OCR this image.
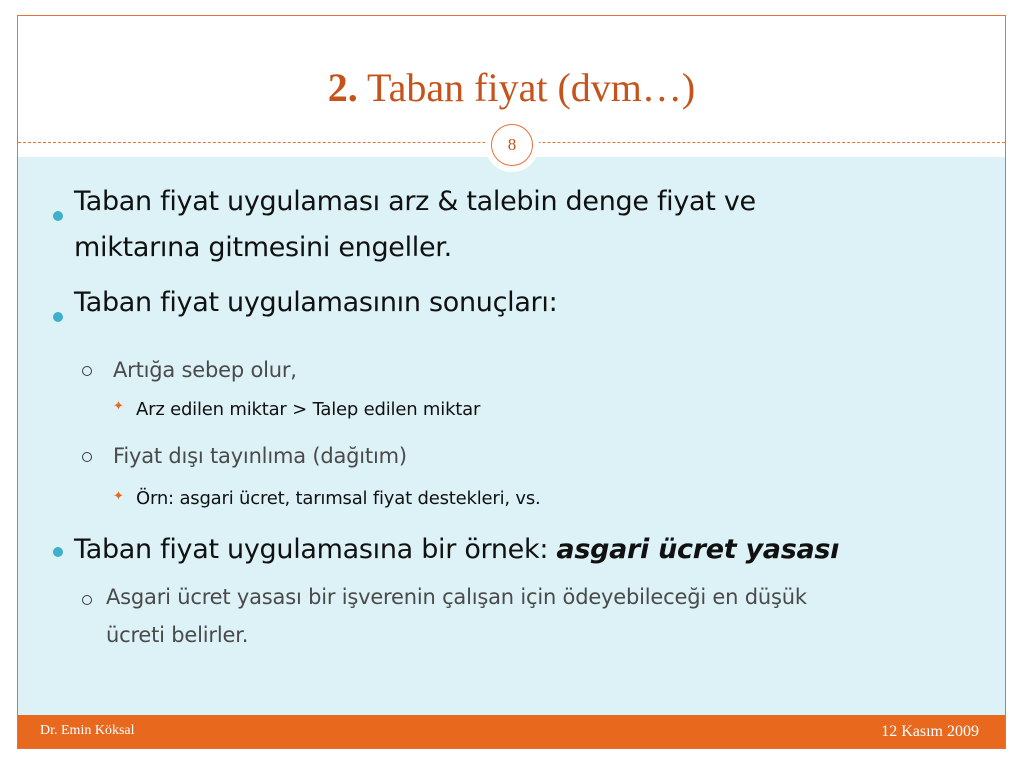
2. Taban fiyat (dvm…)
Taban fiyat uygulaması arz & talebin denge fiyat ve
miktarına gitmesini engeller.
Taban fiyat uygulamasının sonuçları:
Artığa sebep olur,
✦ Arz edilen miktar > Talep edilen miktar
Fiyat dışı tayınlıma (dağıtım)
✦ Örn: asgari ücret, tarımsal fiyat destekleri, vs.
Taban fiyat uygulamasına bir örnek: asgari ücret yasası
Asgari ücret yasası bir işverenin çalışan için ödeyebileceği en düşük
ücreti belirler.
8
Dr. Emin Köksal	12 Kasım 2009
